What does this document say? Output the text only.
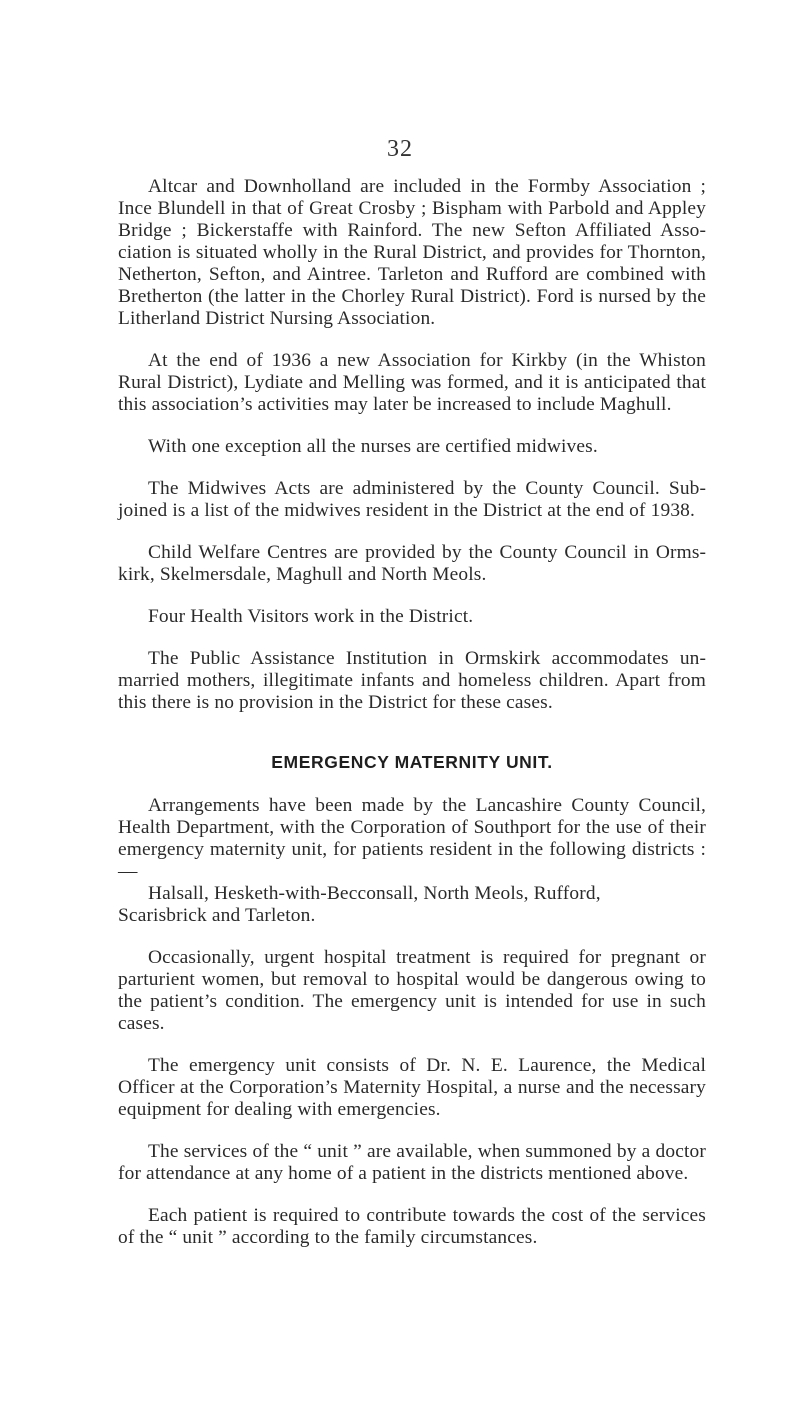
32

Altcar and Downholland are included in the Formby Association ; Ince Blundell in that of Great Crosby ; Bispham with Parbold and Appley Bridge ; Bickerstaffe with Rainford. The new Sefton Affiliated Association is situated wholly in the Rural District, and provides for Thornton, Netherton, Sefton, and Aintree. Tarleton and Rufford are combined with Bretherton (the latter in the Chorley Rural District). Ford is nursed by the Litherland District Nursing Association.

At the end of 1936 a new Association for Kirkby (in the Whiston Rural District), Lydiate and Melling was formed, and it is anticipated that this association’s activities may later be increased to include Maghull.

With one exception all the nurses are certified midwives.

The Midwives Acts are administered by the County Council. Subjoined is a list of the midwives resident in the District at the end of 1938.

Child Welfare Centres are provided by the County Council in Ormskirk, Skelmersdale, Maghull and North Meols.

Four Health Visitors work in the District.

The Public Assistance Institution in Ormskirk accommodates unmarried mothers, illegitimate infants and homeless children. Apart from this there is no provision in the District for these cases.

EMERGENCY MATERNITY UNIT.

Arrangements have been made by the Lancashire County Council, Health Department, with the Corporation of Southport for the use of their emergency maternity unit, for patients resident in the following districts :—

Halsall, Hesketh-with-Becconsall, North Meols, Rufford,

Scarisbrick and Tarleton.

Occasionally, urgent hospital treatment is required for pregnant or parturient women, but removal to hospital would be dangerous owing to the patient’s condition. The emergency unit is intended for use in such cases.

The emergency unit consists of Dr. N. E. Laurence, the Medical Officer at the Corporation’s Maternity Hospital, a nurse and the necessary equipment for dealing with emergencies.

The services of the “ unit ” are available, when summoned by a doctor for attendance at any home of a patient in the districts mentioned above.

Each patient is required to contribute towards the cost of the services of the “ unit ” according to the family circumstances.
